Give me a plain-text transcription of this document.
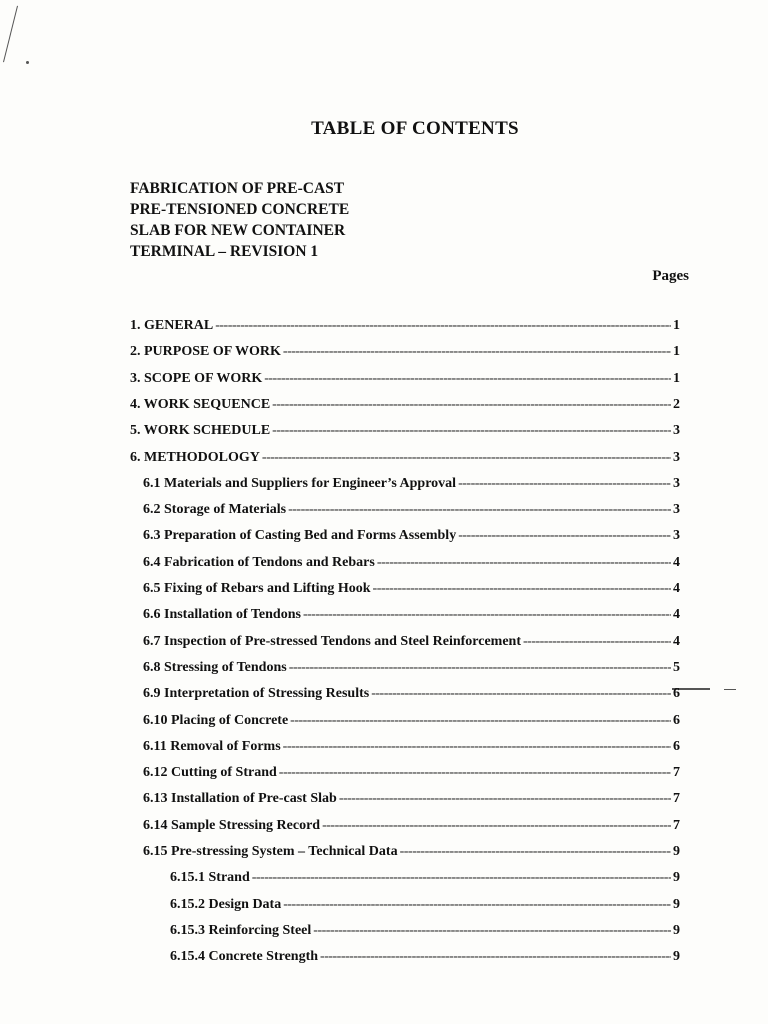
TABLE OF CONTENTS
FABRICATION OF PRE-CAST
PRE-TENSIONED CONCRETE
SLAB FOR NEW CONTAINER
TERMINAL – REVISION 1
Pages
1. GENERAL -----	1
2. PURPOSE OF WORK -----	1
3. SCOPE OF WORK -----	1
4. WORK SEQUENCE -----	2
5. WORK SCHEDULE -----	3
6. METHODOLOGY -----	3
6.1 Materials and Suppliers for Engineer’s Approval -----	3
6.2 Storage of Materials -----	3
6.3 Preparation of Casting Bed and Forms Assembly -----	3
6.4 Fabrication of Tendons and Rebars -----	4
6.5 Fixing of Rebars and Lifting Hook -----	4
6.6 Installation of Tendons -----	4
6.7 Inspection of Pre-stressed Tendons and Steel Reinforcement -----	4
6.8 Stressing of Tendons -----	5
6.9 Interpretation of Stressing Results -----	6
6.10 Placing of Concrete -----	6
6.11 Removal of Forms -----	6
6.12 Cutting of Strand -----	7
6.13 Installation of Pre-cast Slab -----	7
6.14 Sample Stressing Record -----	7
6.15 Pre-stressing System – Technical Data -----	9
6.15.1 Strand -----	9
6.15.2 Design Data -----	9
6.15.3 Reinforcing Steel -----	9
6.15.4 Concrete Strength -----	9
